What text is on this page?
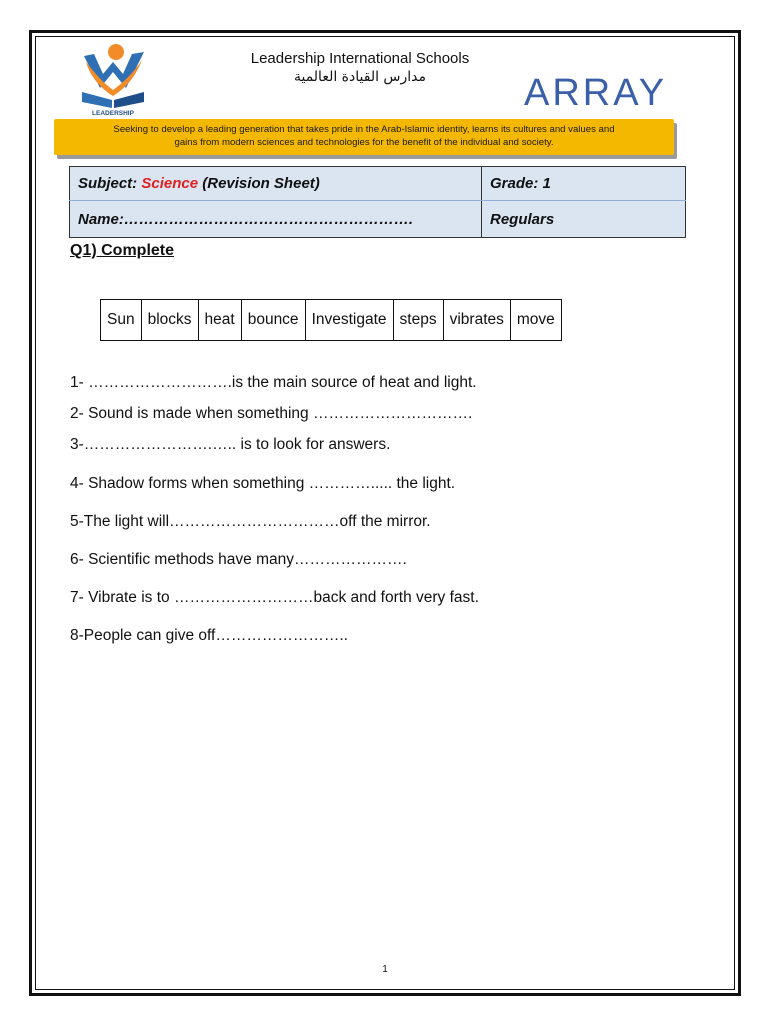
LEADERSHIP
Leadership International Schools
مدارس القيادة العالمية	ARRAY
Seeking to develop a leading generation that takes pride in the Arab-Islamic identity, learns its cultures and values and
gains from modern sciences and technologies for the benefit of the individual and society.
Subject: Science (Revision Sheet)	Grade: 1
Name:………………………………………………….	Regulars
Q1) Complete
Sun	blocks	heat	bounce	Investigate	steps	vibrates	move
1- ……………………….is the main source of heat and light.
2- Sound is made when something ………………………….
3-…………………….….. is to look for answers.
4- Shadow forms when something …………..... the light.
5-The light will……………………………off the mirror.
6- Scientific methods have many………………….
7- Vibrate is to ………………………back and forth very fast.
8-People can give off……………………..
1
